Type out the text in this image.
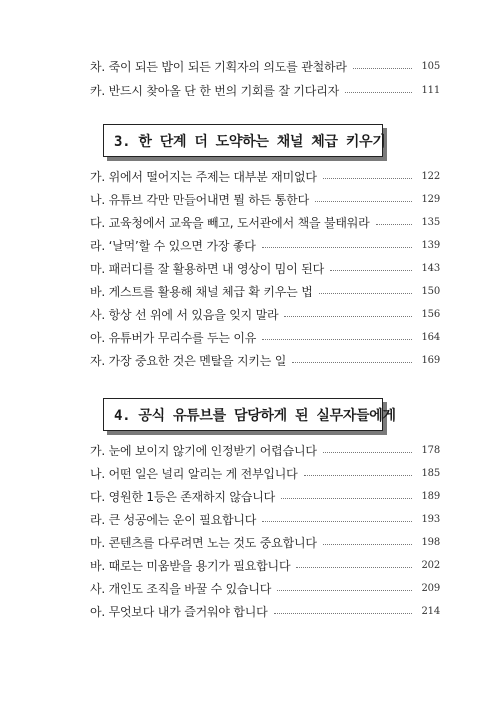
차. 죽이 되든 밥이 되든 기획자의 의도를 관철하라	105
카. 반드시 찾아올 단 한 번의 기회를 잘 기다리자	111
3. 한 단계 더 도약하는 채널 체급 키우기
가. 위에서 떨어지는 주제는 대부분 재미없다	122
나. 유튜브 각만 만들어내면 뭘 하든 통한다	129
다. 교육청에서 교육을 빼고, 도서관에서 책을 불태워라	135
라. ‘날먹’할 수 있으면 가장 좋다	139
마. 패러디를 잘 활용하면 내 영상이 밈이 된다	143
바. 게스트를 활용해 채널 체급 확 키우는 법	150
사. 항상 선 위에 서 있음을 잊지 말라	156
아. 유튜버가 무리수를 두는 이유	164
자. 가장 중요한 것은 멘탈을 지키는 일	169
4. 공식 유튜브를 담당하게 된 실무자들에게
가. 눈에 보이지 않기에 인정받기 어렵습니다	178
나. 어떤 일은 널리 알리는 게 전부입니다	185
다. 영원한 1등은 존재하지 않습니다	189
라. 큰 성공에는 운이 필요합니다	193
마. 콘텐츠를 다루려면 노는 것도 중요합니다	198
바. 때로는 미움받을 용기가 필요합니다	202
사. 개인도 조직을 바꿀 수 있습니다	209
아. 무엇보다 내가 즐거워야 합니다	214
